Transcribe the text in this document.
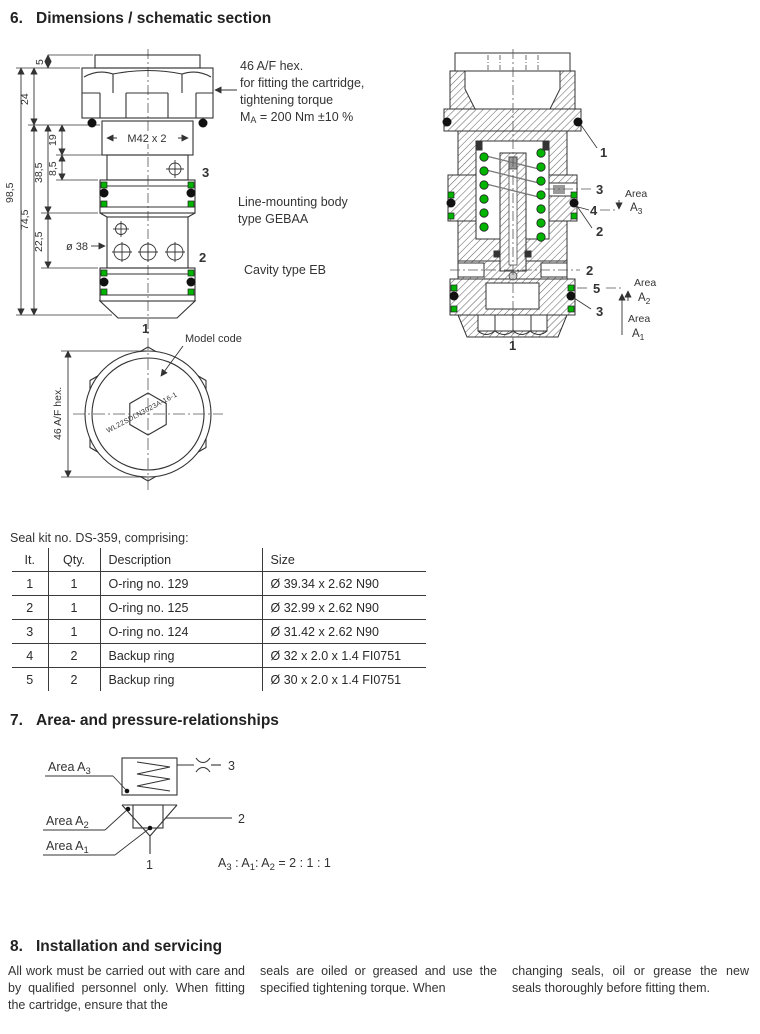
6. Dimensions / schematic section
M42 x 2
ø 38
3
2
1
98,5
24
74,5
5
38,5
22,5
19
8,5
46 A/F hex.
for fitting the cartridge,
tightening torque
MA = 200 Nm ±10 %
Line-mounting body
type GEBAA
Cavity type EB
46 A/F hex.
Model code
WL22SDLN3023A-16-1
1
3
4
2
2
5
3
1
Area
$A_3$
Area
$A_2$
Area
$A_1$
Seal kit no. DS-359, comprising:
It.	Qty.	Description	Size
1	1	O-ring no. 129	Ø 39.34 x 2.62 N90
2	1	O-ring no. 125	Ø 32.99 x 2.62 N90
3	1	O-ring no. 124	Ø 31.42 x 2.62 N90
4	2	Backup ring	Ø 32 x 2.0 x 1.4 FI0751
5	2	Backup ring	Ø 30 x 2.0 x 1.4 FI0751
7. Area- and pressure-relationships
Area $A_3$
Area $A_2$
Area $A_1$
3
2
1	$A_3$ : $A_1$: $A_2 = 2$ : 1 : 1
8. Installation and servicing
All work must be carried out with care and by qualified personnel only. When fitting the cartridge, ensure that the
seals are oiled or greased and use the specified tightening torque. When
changing seals, oil or grease the new seals thoroughly before fitting them.
